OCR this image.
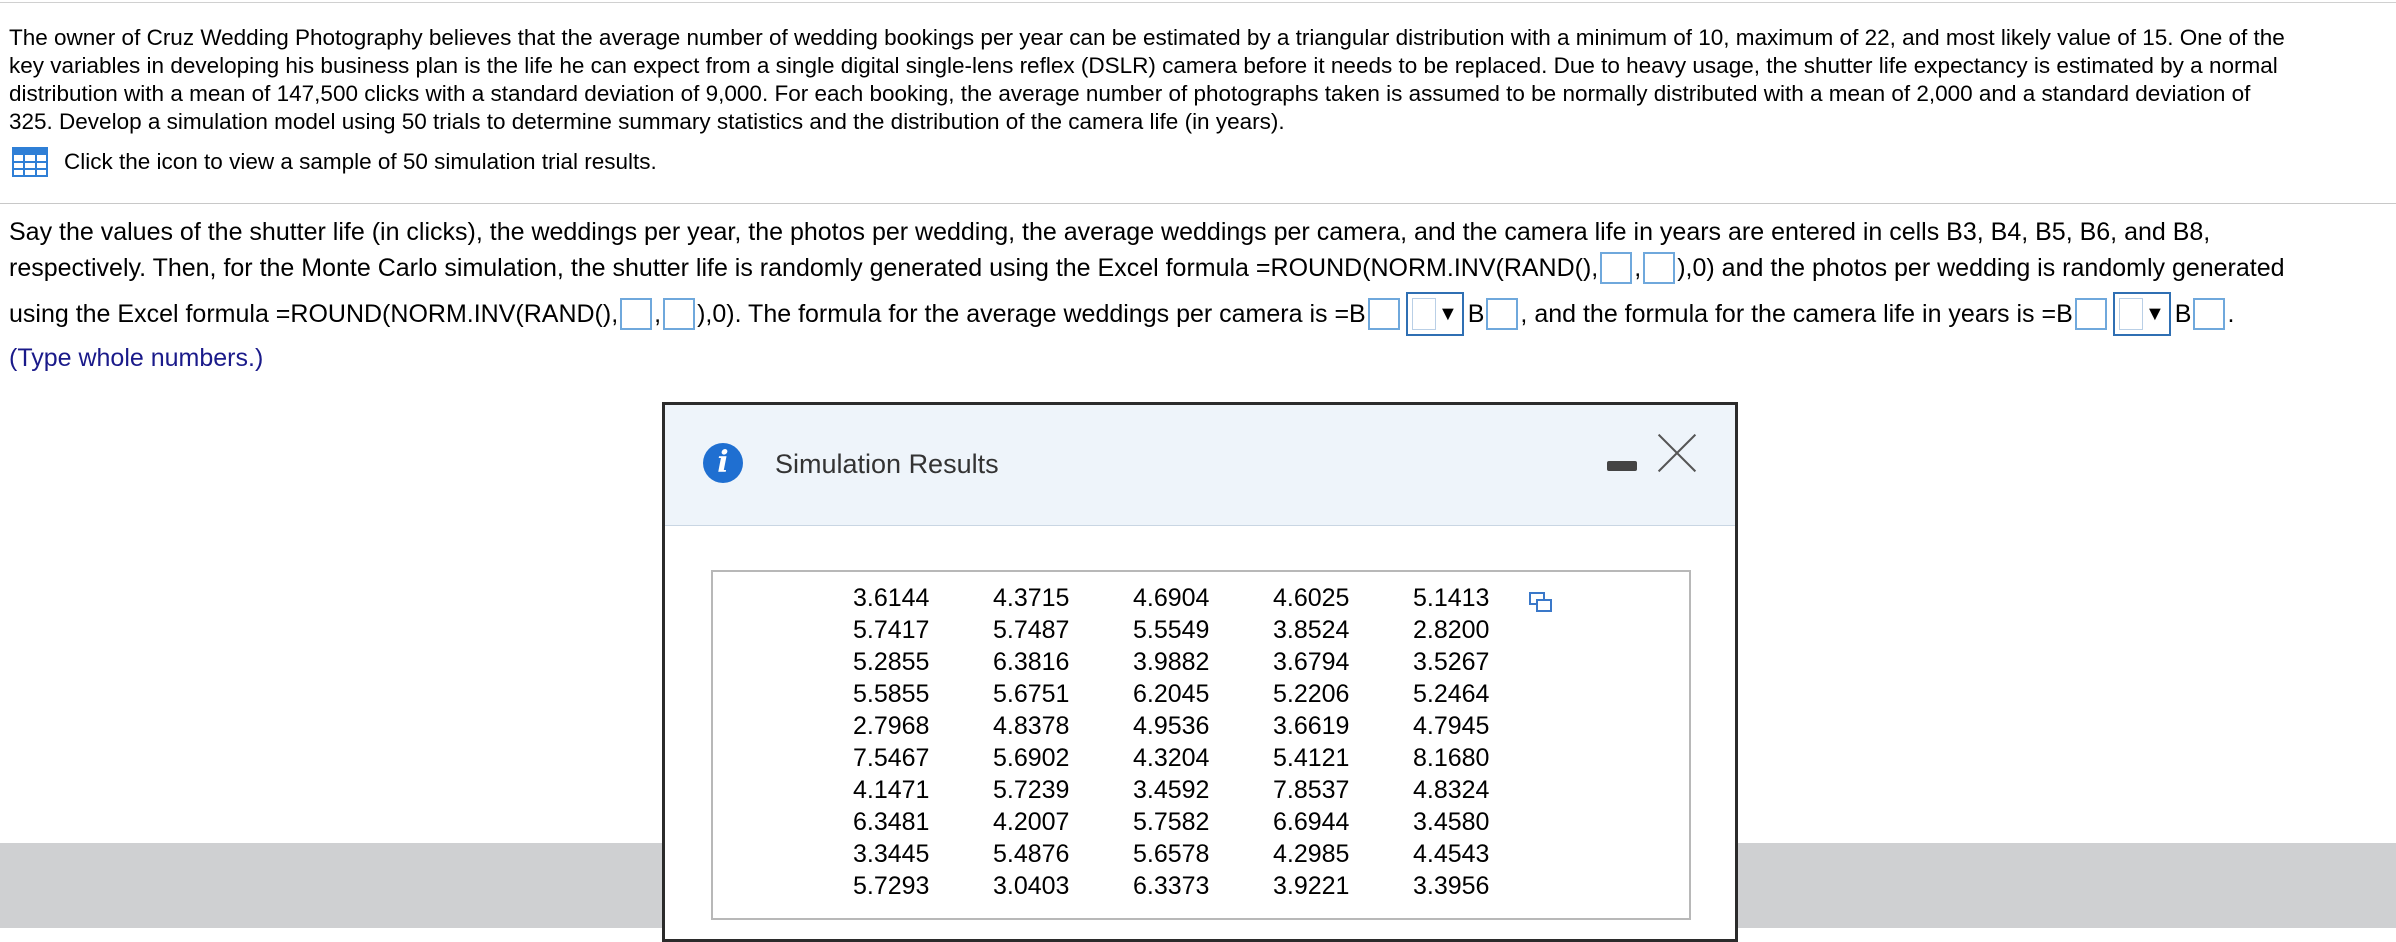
The owner of Cruz Wedding Photography believes that the average number of wedding bookings per year can be estimated by a triangular distribution with a minimum of 10, maximum of 22, and most likely value of 15. One of the
key variables in developing his business plan is the life he can expect from a single digital single-lens reflex (DSLR) camera before it needs to be replaced. Due to heavy usage, the shutter life expectancy is estimated by a normal
distribution with a mean of 147,500 clicks with a standard deviation of 9,000. For each booking, the average number of photographs taken is assumed to be normally distributed with a mean of 2,000 and a standard deviation of
325. Develop a simulation model using 50 trials to determine summary statistics and the distribution of the camera life (in years).
Click the icon to view a sample of 50 simulation trial results.
Say the values of the shutter life (in clicks), the weddings per year, the photos per wedding, the average weddings per camera, and the camera life in years are entered in cells B3, B4, B5, B6, and B8,
respectively. Then, for the Monte Carlo simulation, the shutter life is randomly generated using the Excel formula =ROUND(NORM.INV(RAND(), , ),0) and the photos per wedding is randomly generated
using the Excel formula =ROUND(NORM.INV(RAND(), , ),0). The formula for the average weddings per camera is =B	▼ B , and the formula for the camera life in years is =B	▼ B .
(Type whole numbers.)
i	Simulation Results
3.6144	4.3715	4.6904	4.6025	5.1413
5.7417	5.7487	5.5549	3.8524	2.8200
5.2855	6.3816	3.9882	3.6794	3.5267
5.5855	5.6751	6.2045	5.2206	5.2464
2.7968	4.8378	4.9536	3.6619	4.7945
7.5467	5.6902	4.3204	5.4121	8.1680
4.1471	5.7239	3.4592	7.8537	4.8324
6.3481	4.2007	5.7582	6.6944	3.4580
3.3445	5.4876	5.6578	4.2985	4.4543
5.7293	3.0403	6.3373	3.9221	3.3956
